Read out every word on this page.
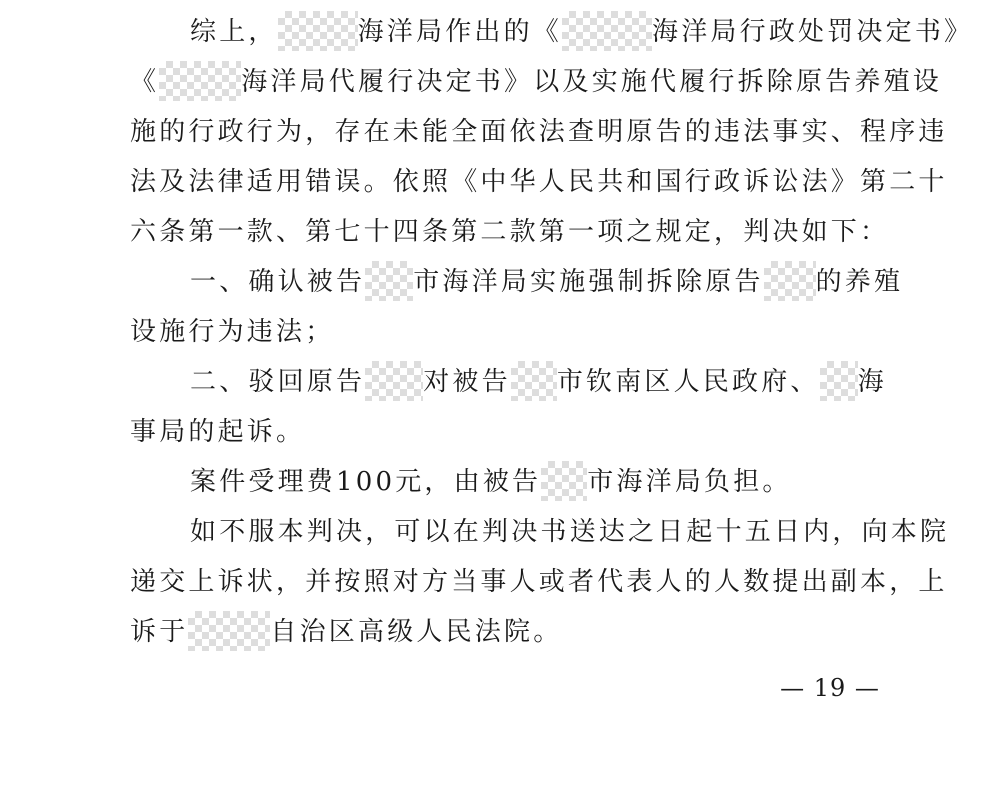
综上，	海洋局作出的《	海洋局行政处罚决定书》
《	海洋局代履行决定书》以及实施代履行拆除原告养殖设
施的行政行为，存在未能全面依法查明原告的违法事实、程序违
法及法律适用错误。依照《中华人民共和国行政诉讼法》第二十
六条第一款、第七十四条第二款第一项之规定，判决如下：
一、确认被告 市海洋局实施强制拆除原告 的养殖
设施行为违法；
二、驳回原告 对被告 市钦南区人民政府、 海
事局的起诉。
案件受理费100元，由被告 市海洋局负担。
如不服本判决，可以在判决书送达之日起十五日内，向本院
递交上诉状，并按照对方当事人或者代表人的人数提出副本，上
诉于	自治区高级人民法院。
— 19 —
